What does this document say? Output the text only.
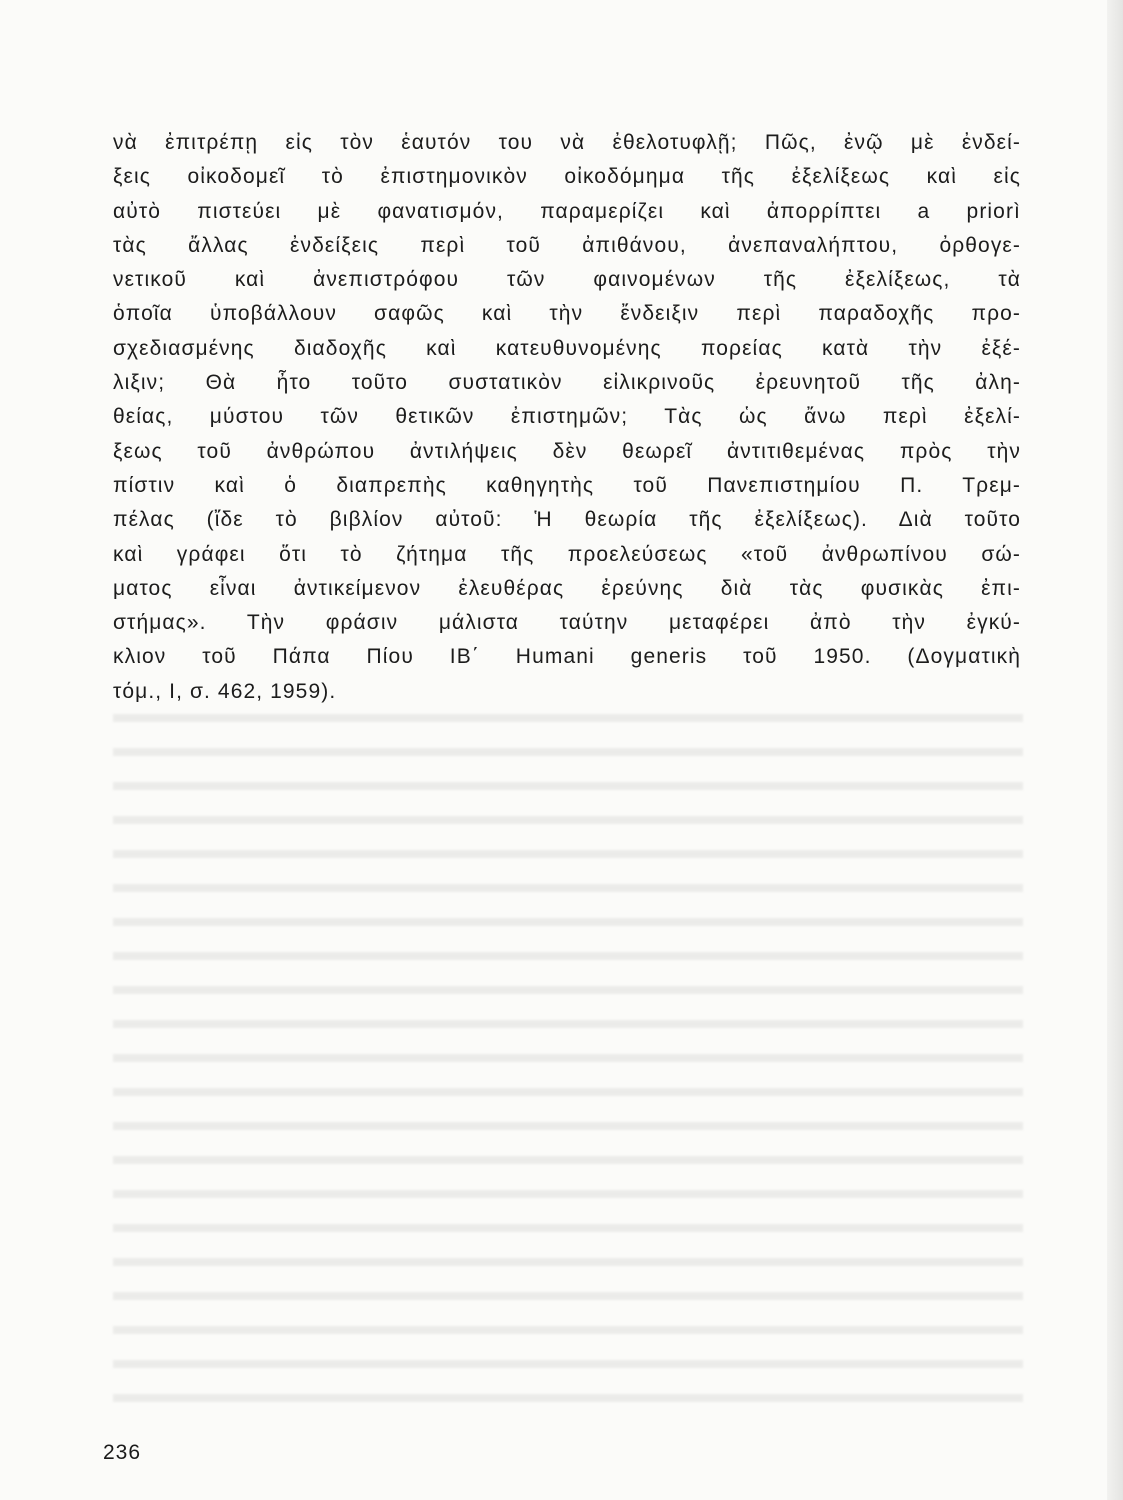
νὰ ἐπιτρέπῃ εἰς τὸν ἑαυτόν του νὰ ἐθελοτυφλῇ; Πῶς, ἐνῷ μὲ ἐνδεί-
ξεις οἰκοδομεῖ τὸ ἐπιστημονικὸν οἰκοδόμημα τῆς ἐξελίξεως καὶ εἰς
αὐτὸ πιστεύει μὲ φανατισμόν, παραμερίζει καὶ ἀπορρίπτει a priorì
τὰς ἄλλας ἐνδείξεις περὶ τοῦ ἀπιθάνου, ἀνεπαναλήπτου, ὀρθογε-
νετικοῦ καὶ ἀνεπιστρόφου τῶν φαινομένων τῆς ἐξελίξεως, τὰ
ὁποῖα ὑποβάλλουν σαφῶς καὶ τὴν ἔνδειξιν περὶ παραδοχῆς προ-
σχεδιασμένης διαδοχῆς καὶ κατευθυνομένης πορείας κατὰ τὴν ἐξέ-
λιξιν; Θὰ ἦτο τοῦτο συστατικὸν εἰλικρινοῦς ἐρευνητοῦ τῆς ἀλη-
θείας, μύστου τῶν θετικῶν ἐπιστημῶν; Τὰς ὡς ἄνω περὶ ἐξελί-
ξεως τοῦ ἀνθρώπου ἀντιλήψεις δὲν θεωρεῖ ἀντιτιθεμένας πρὸς τὴν
πίστιν καὶ ὁ διαπρεπὴς καθηγητὴς τοῦ Πανεπιστημίου Π. Τρεμ-
πέλας (ἴδε τὸ βιβλίον αὐτοῦ: Ἡ θεωρία τῆς ἐξελίξεως). Διὰ τοῦτο
καὶ γράφει ὅτι τὸ ζήτημα τῆς προελεύσεως «τοῦ ἀνθρωπίνου σώ-
ματος εἶναι ἀντικείμενον ἐλευθέρας ἐρεύνης διὰ τὰς φυσικὰς ἐπι-
στήμας». Τὴν φράσιν μάλιστα ταύτην μεταφέρει ἀπὸ τὴν ἐγκύ-
κλιον τοῦ Πάπα Πίου ΙΒ΄ Humani generis τοῦ 1950. (Δογματικὴ
τόμ., Ι, σ. 462, 1959).
236
